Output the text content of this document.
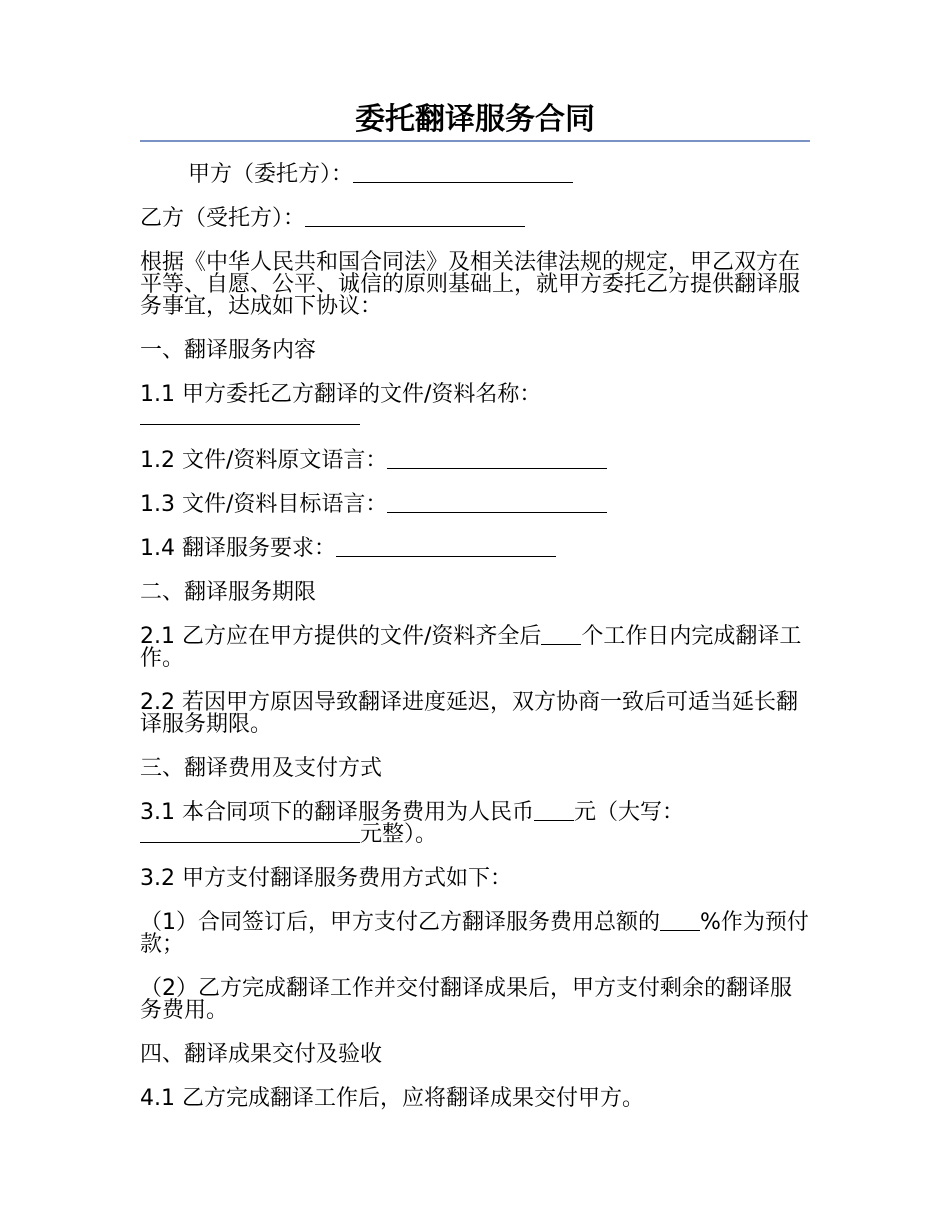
委托翻译服务合同

甲方（委托方）：

乙方（受托方）：

根据《中华人民共和国合同法》及相关法律法规的规定，甲乙双方在平等、自愿、公平、诚信的原则基础上，就甲方委托乙方提供翻译服务事宜，达成如下协议：

一、翻译服务内容

1.1 甲方委托乙方翻译的文件/资料名称：

1.2 文件/资料原文语言：

1.3 文件/资料目标语言：

1.4 翻译服务要求：

二、翻译服务期限

2.1 乙方应在甲方提供的文件/资料齐全后 个工作日内完成翻译工作。

2.2 若因甲方原因导致翻译进度延迟，双方协商一致后可适当延长翻译服务期限。

三、翻译费用及支付方式

3.1 本合同项下的翻译服务费用为人民币 元（大写：
元整）。

3.2 甲方支付翻译服务费用方式如下：

（1）合同签订后，甲方支付乙方翻译服务费用总额的 %作为预付款；

（2）乙方完成翻译工作并交付翻译成果后，甲方支付剩余的翻译服务费用。

四、翻译成果交付及验收

4.1 乙方完成翻译工作后，应将翻译成果交付甲方。
